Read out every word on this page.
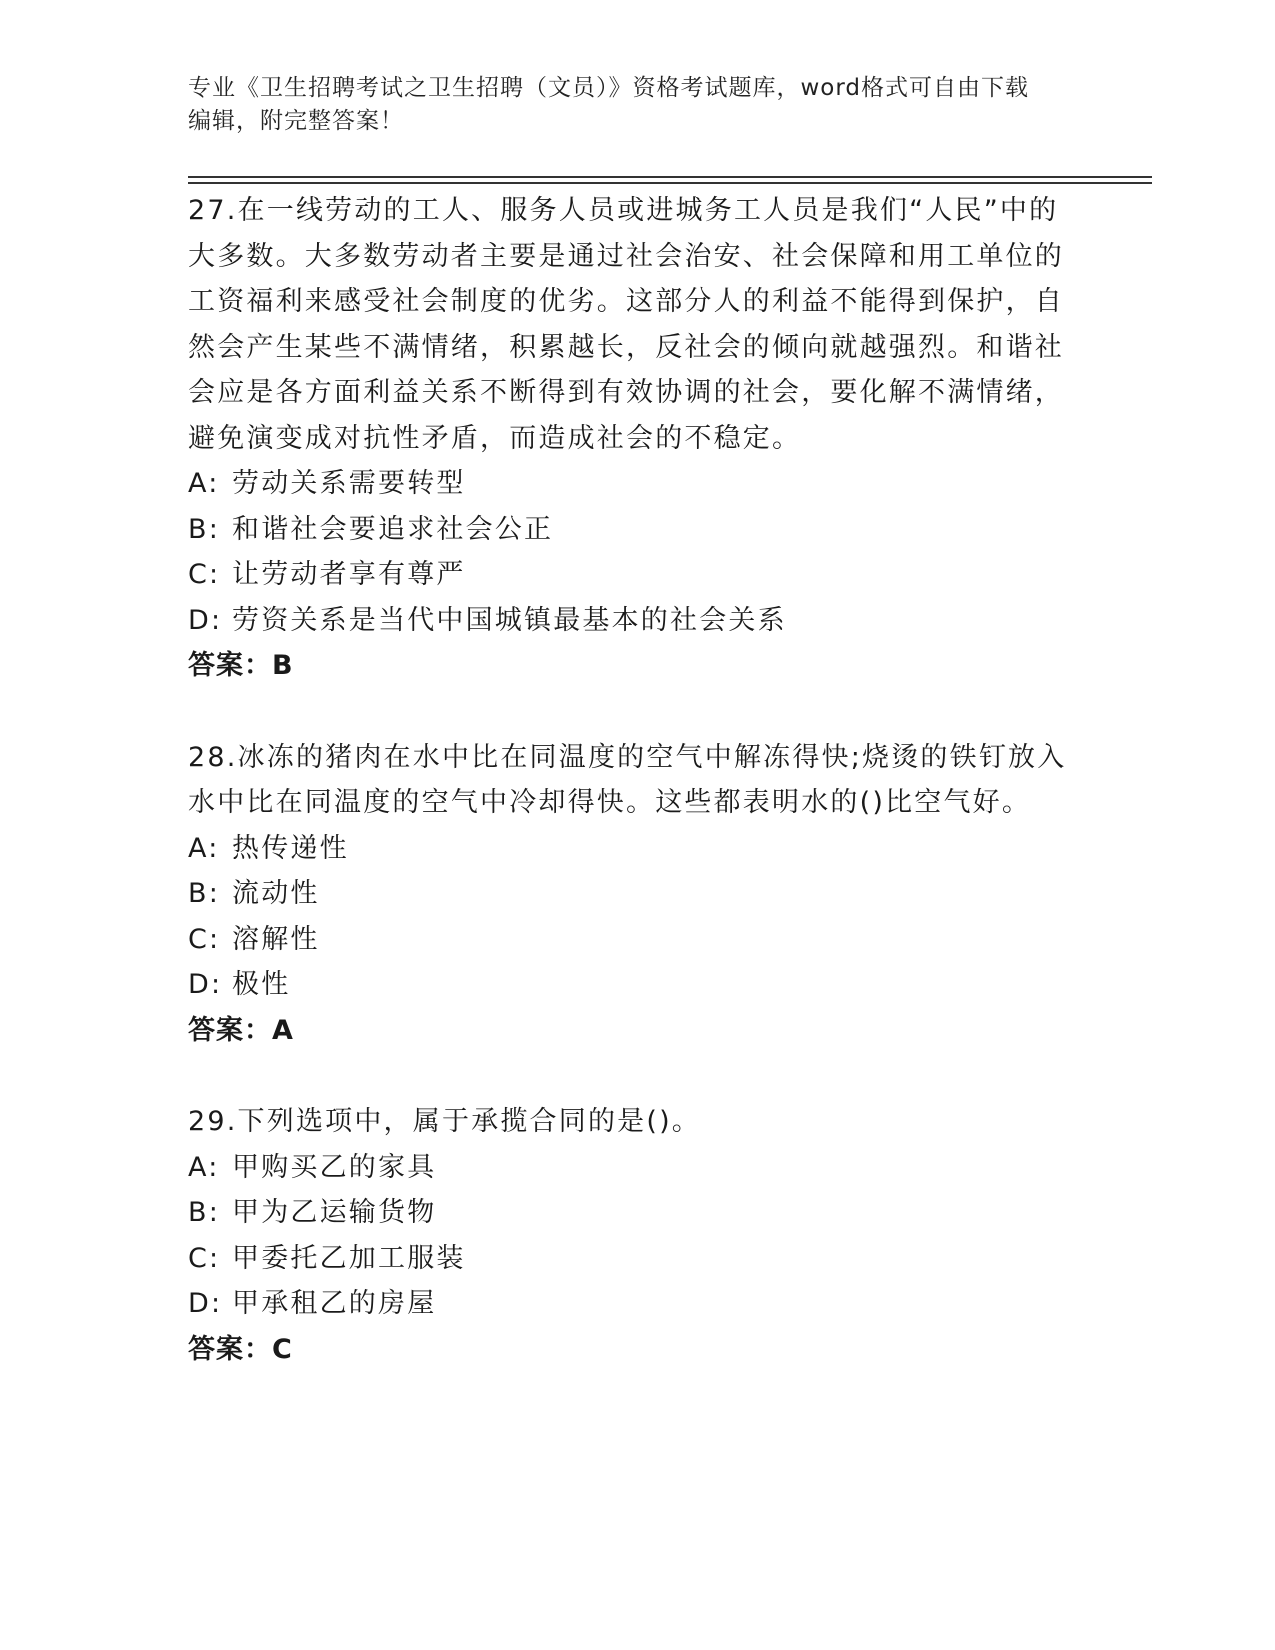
专业《卫生招聘考试之卫生招聘（文员）》资格考试题库，word格式可自由下载
编辑，附完整答案！

27.在一线劳动的工人、服务人员或进城务工人员是我们“人民”中的

大多数。大多数劳动者主要是通过社会治安、社会保障和用工单位的

工资福利来感受社会制度的优劣。这部分人的利益不能得到保护，自

然会产生某些不满情绪，积累越长，反社会的倾向就越强烈。和谐社

会应是各方面利益关系不断得到有效协调的社会，要化解不满情绪，

避免演变成对抗性矛盾，而造成社会的不稳定。

A: 劳动关系需要转型

B: 和谐社会要追求社会公正

C: 让劳动者享有尊严

D: 劳资关系是当代中国城镇最基本的社会关系

答案：B

28.冰冻的猪肉在水中比在同温度的空气中解冻得快;烧烫的铁钉放入

水中比在同温度的空气中冷却得快。这些都表明水的()比空气好。

A: 热传递性

B: 流动性

C: 溶解性

D: 极性

答案：A

29.下列选项中，属于承揽合同的是()。

A: 甲购买乙的家具

B: 甲为乙运输货物

C: 甲委托乙加工服装

D: 甲承租乙的房屋

答案：C
